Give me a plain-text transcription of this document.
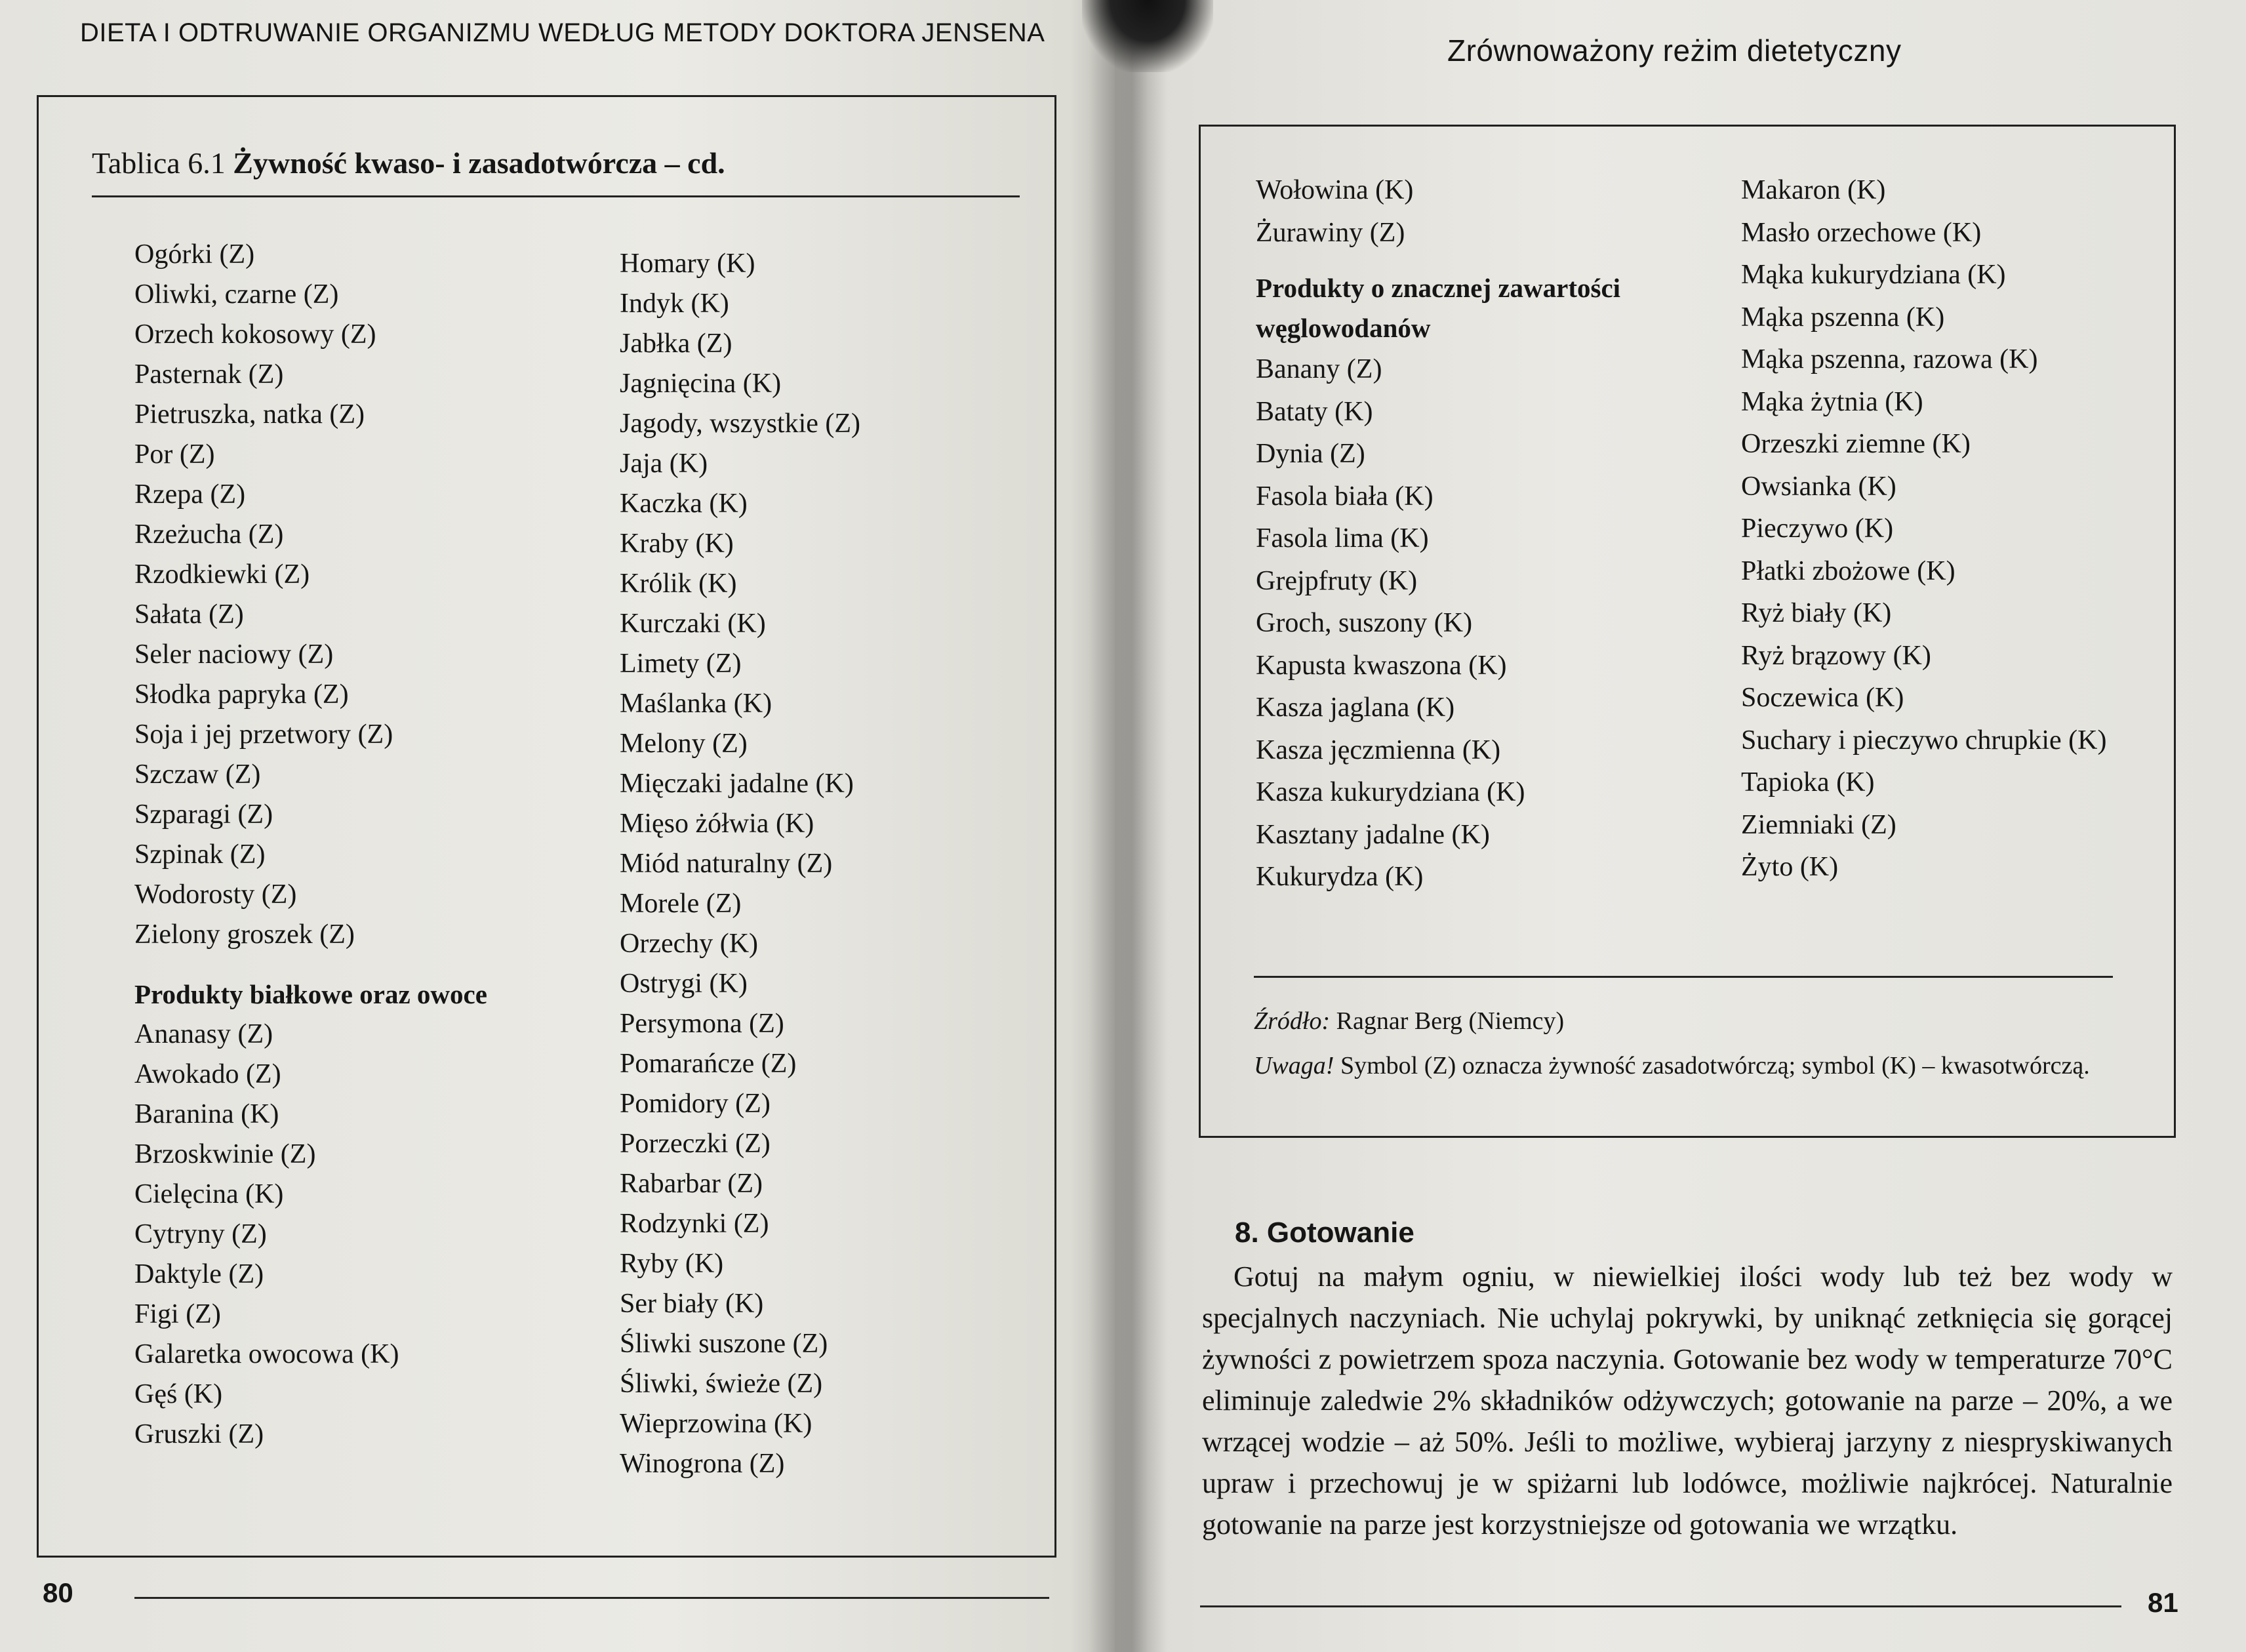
DIETA I ODTRUWANIE ORGANIZMU WEDŁUG METODY DOKTORA JENSENA
Tablica 6.1 Żywność kwaso- i zasadotwórcza – cd.
Ogórki (Z)
Oliwki, czarne (Z)
Orzech kokosowy (Z)
Pasternak (Z)
Pietruszka, natka (Z)
Por (Z)
Rzepa (Z)
Rzeżucha (Z)
Rzodkiewki (Z)
Sałata (Z)
Seler naciowy (Z)
Słodka papryka (Z)
Soja i jej przetwory (Z)
Szczaw (Z)
Szparagi (Z)
Szpinak (Z)
Wodorosty (Z)
Zielony groszek (Z)
Produkty białkowe oraz owoce
Ananasy (Z)
Awokado (Z)
Baranina (K)
Brzoskwinie (Z)
Cielęcina (K)
Cytryny (Z)
Daktyle (Z)
Figi (Z)
Galaretka owocowa (K)
Gęś (K)
Gruszki (Z)
Homary (K)
Indyk (K)
Jabłka (Z)
Jagnięcina (K)
Jagody, wszystkie (Z)
Jaja (K)
Kaczka (K)
Kraby (K)
Królik (K)
Kurczaki (K)
Limety (Z)
Maślanka (K)
Melony (Z)
Mięczaki jadalne (K)
Mięso żółwia (K)
Miód naturalny (Z)
Morele (Z)
Orzechy (K)
Ostrygi (K)
Persymona (Z)
Pomarańcze (Z)
Pomidory (Z)
Porzeczki (Z)
Rabarbar (Z)
Rodzynki (Z)
Ryby (K)
Ser biały (K)
Śliwki suszone (Z)
Śliwki, świeże (Z)
Wieprzowina (K)
Winogrona (Z)
80
Zrównoważony reżim dietetyczny
Wołowina (K)
Żurawiny (Z)
Produkty o znacznej zawartości
węglowodanów
Banany (Z)
Bataty (K)
Dynia (Z)
Fasola biała (K)
Fasola lima (K)
Grejpfruty (K)
Groch, suszony (K)
Kapusta kwaszona (K)
Kasza jaglana (K)
Kasza jęczmienna (K)
Kasza kukurydziana (K)
Kasztany jadalne (K)
Kukurydza (K)
Makaron (K)
Masło orzechowe (K)
Mąka kukurydziana (K)
Mąka pszenna (K)
Mąka pszenna, razowa (K)
Mąka żytnia (K)
Orzeszki ziemne (K)
Owsianka (K)
Pieczywo (K)
Płatki zbożowe (K)
Ryż biały (K)
Ryż brązowy (K)
Soczewica (K)
Suchary i pieczywo chrupkie (K)
Tapioka (K)
Ziemniaki (Z)
Żyto (K)
Źródło: Ragnar Berg (Niemcy)
Uwaga! Symbol (Z) oznacza żywność zasadotwórczą; symbol (K) – kwasotwórczą.
8. Gotowanie
Gotuj na małym ogniu, w niewielkiej ilości wody lub też bez wody w specjalnych naczyniach. Nie uchylaj pokrywki, by uniknąć zetknięcia się gorącej żywności z powietrzem spoza naczynia. Gotowanie bez wody w temperaturze 70°C eliminuje zaledwie 2% składników odżywczych; gotowanie na parze – 20%, a we wrzącej wodzie – aż 50%. Jeśli to możliwe, wybieraj jarzyny z niespryskiwanych upraw i przechowuj je w spiżarni lub lodówce, możliwie najkrócej. Naturalnie gotowanie na parze jest korzystniejsze od gotowania we wrzątku.
81
